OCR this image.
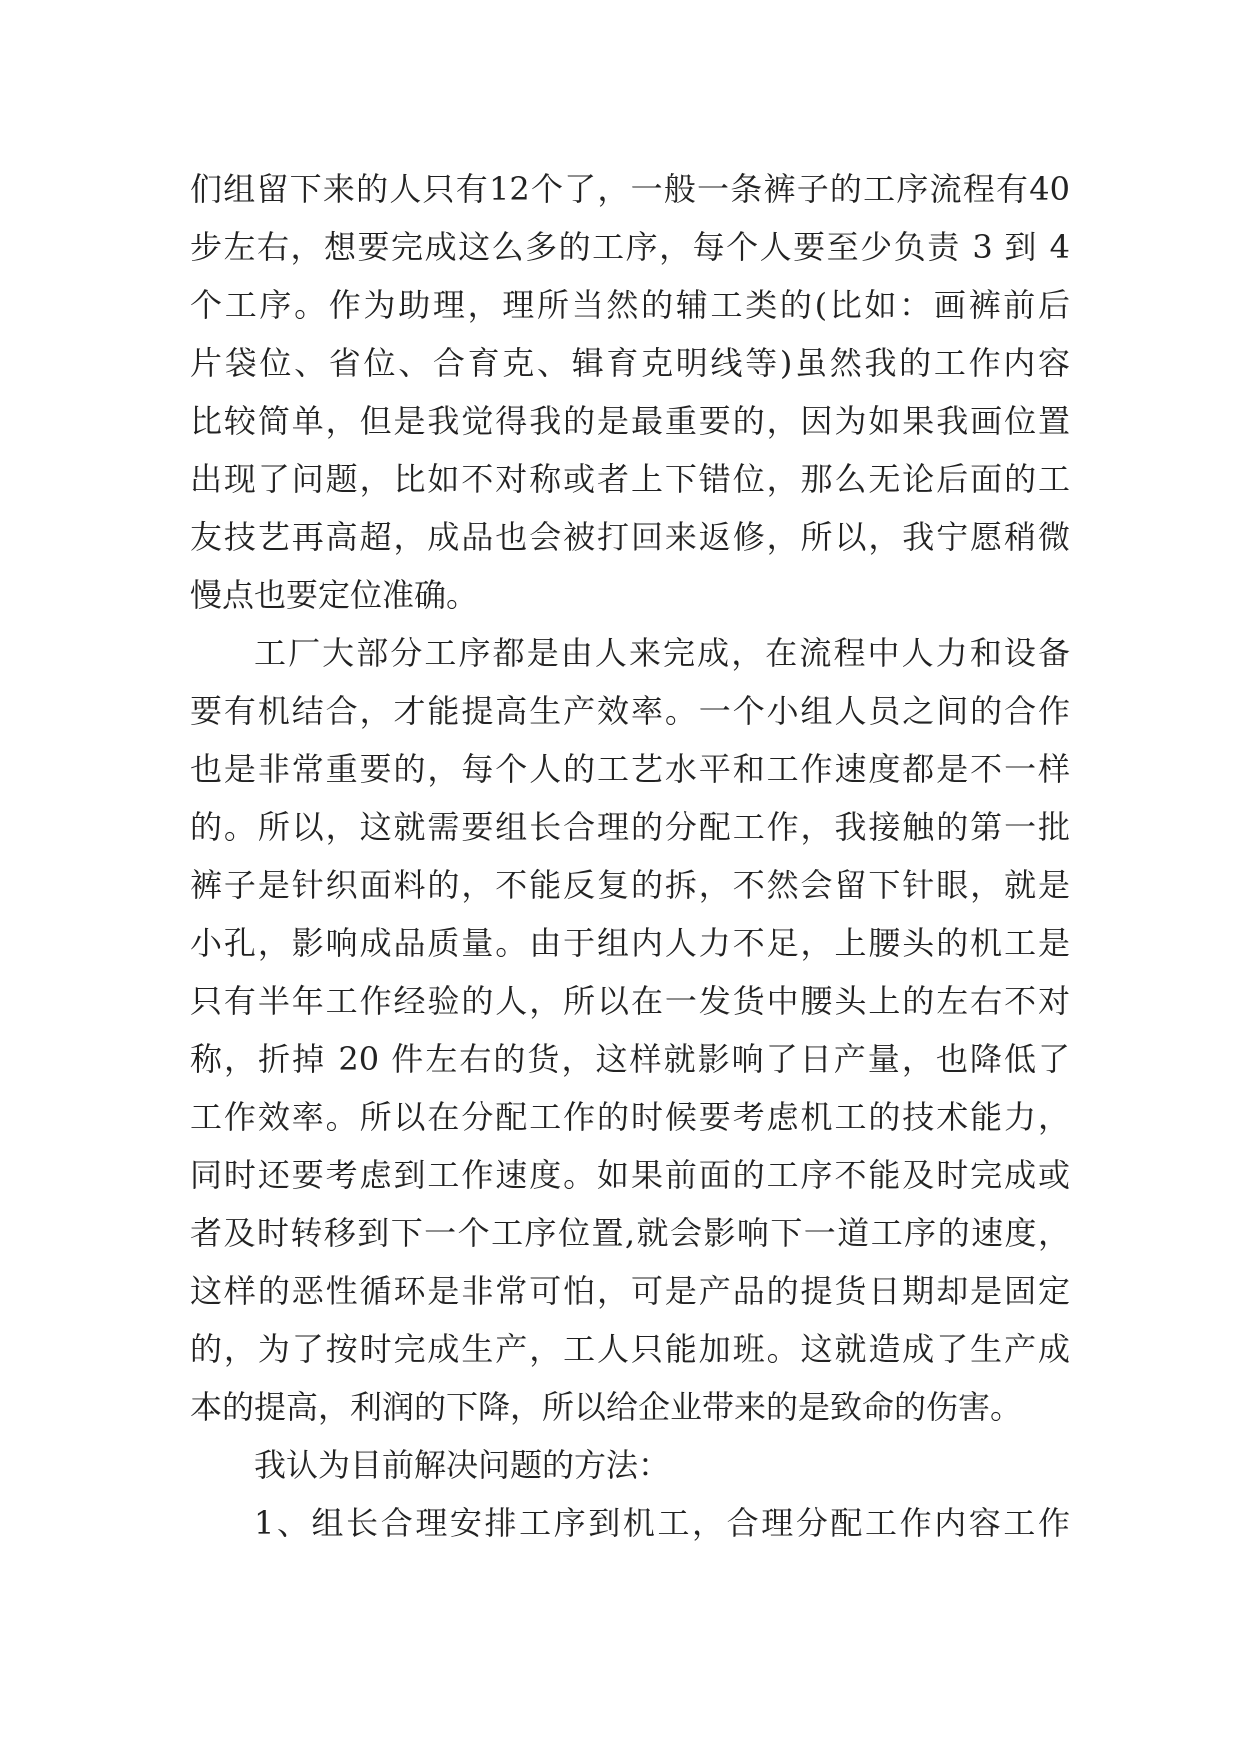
们组留下来的人只有12个了，一般一条裤子的工序流程有40
步左右，想要完成这么多的工序，每个人要至少负责 3 到 4
个工序。作为助理，理所当然的辅工类的(比如：画裤前后
片袋位、省位、合育克、辑育克明线等)虽然我的工作内容
比较简单，但是我觉得我的是最重要的，因为如果我画位置
出现了问题，比如不对称或者上下错位，那么无论后面的工
友技艺再高超，成品也会被打回来返修，所以，我宁愿稍微
慢点也要定位准确。
工厂大部分工序都是由人来完成，在流程中人力和设备
要有机结合，才能提高生产效率。一个小组人员之间的合作
也是非常重要的，每个人的工艺水平和工作速度都是不一样
的。所以，这就需要组长合理的分配工作，我接触的第一批
裤子是针织面料的，不能反复的拆，不然会留下针眼，就是
小孔，影响成品质量。由于组内人力不足，上腰头的机工是
只有半年工作经验的人，所以在一发货中腰头上的左右不对
称，折掉 20 件左右的货，这样就影响了日产量，也降低了
工作效率。所以在分配工作的时候要考虑机工的技术能力，
同时还要考虑到工作速度。如果前面的工序不能及时完成或
者及时转移到下一个工序位置,就会影响下一道工序的速度，
这样的恶性循环是非常可怕，可是产品的提货日期却是固定
的，为了按时完成生产，工人只能加班。这就造成了生产成
本的提高，利润的下降，所以给企业带来的是致命的伤害。
我认为目前解决问题的方法：
1、组长合理安排工序到机工，合理分配工作内容工作
